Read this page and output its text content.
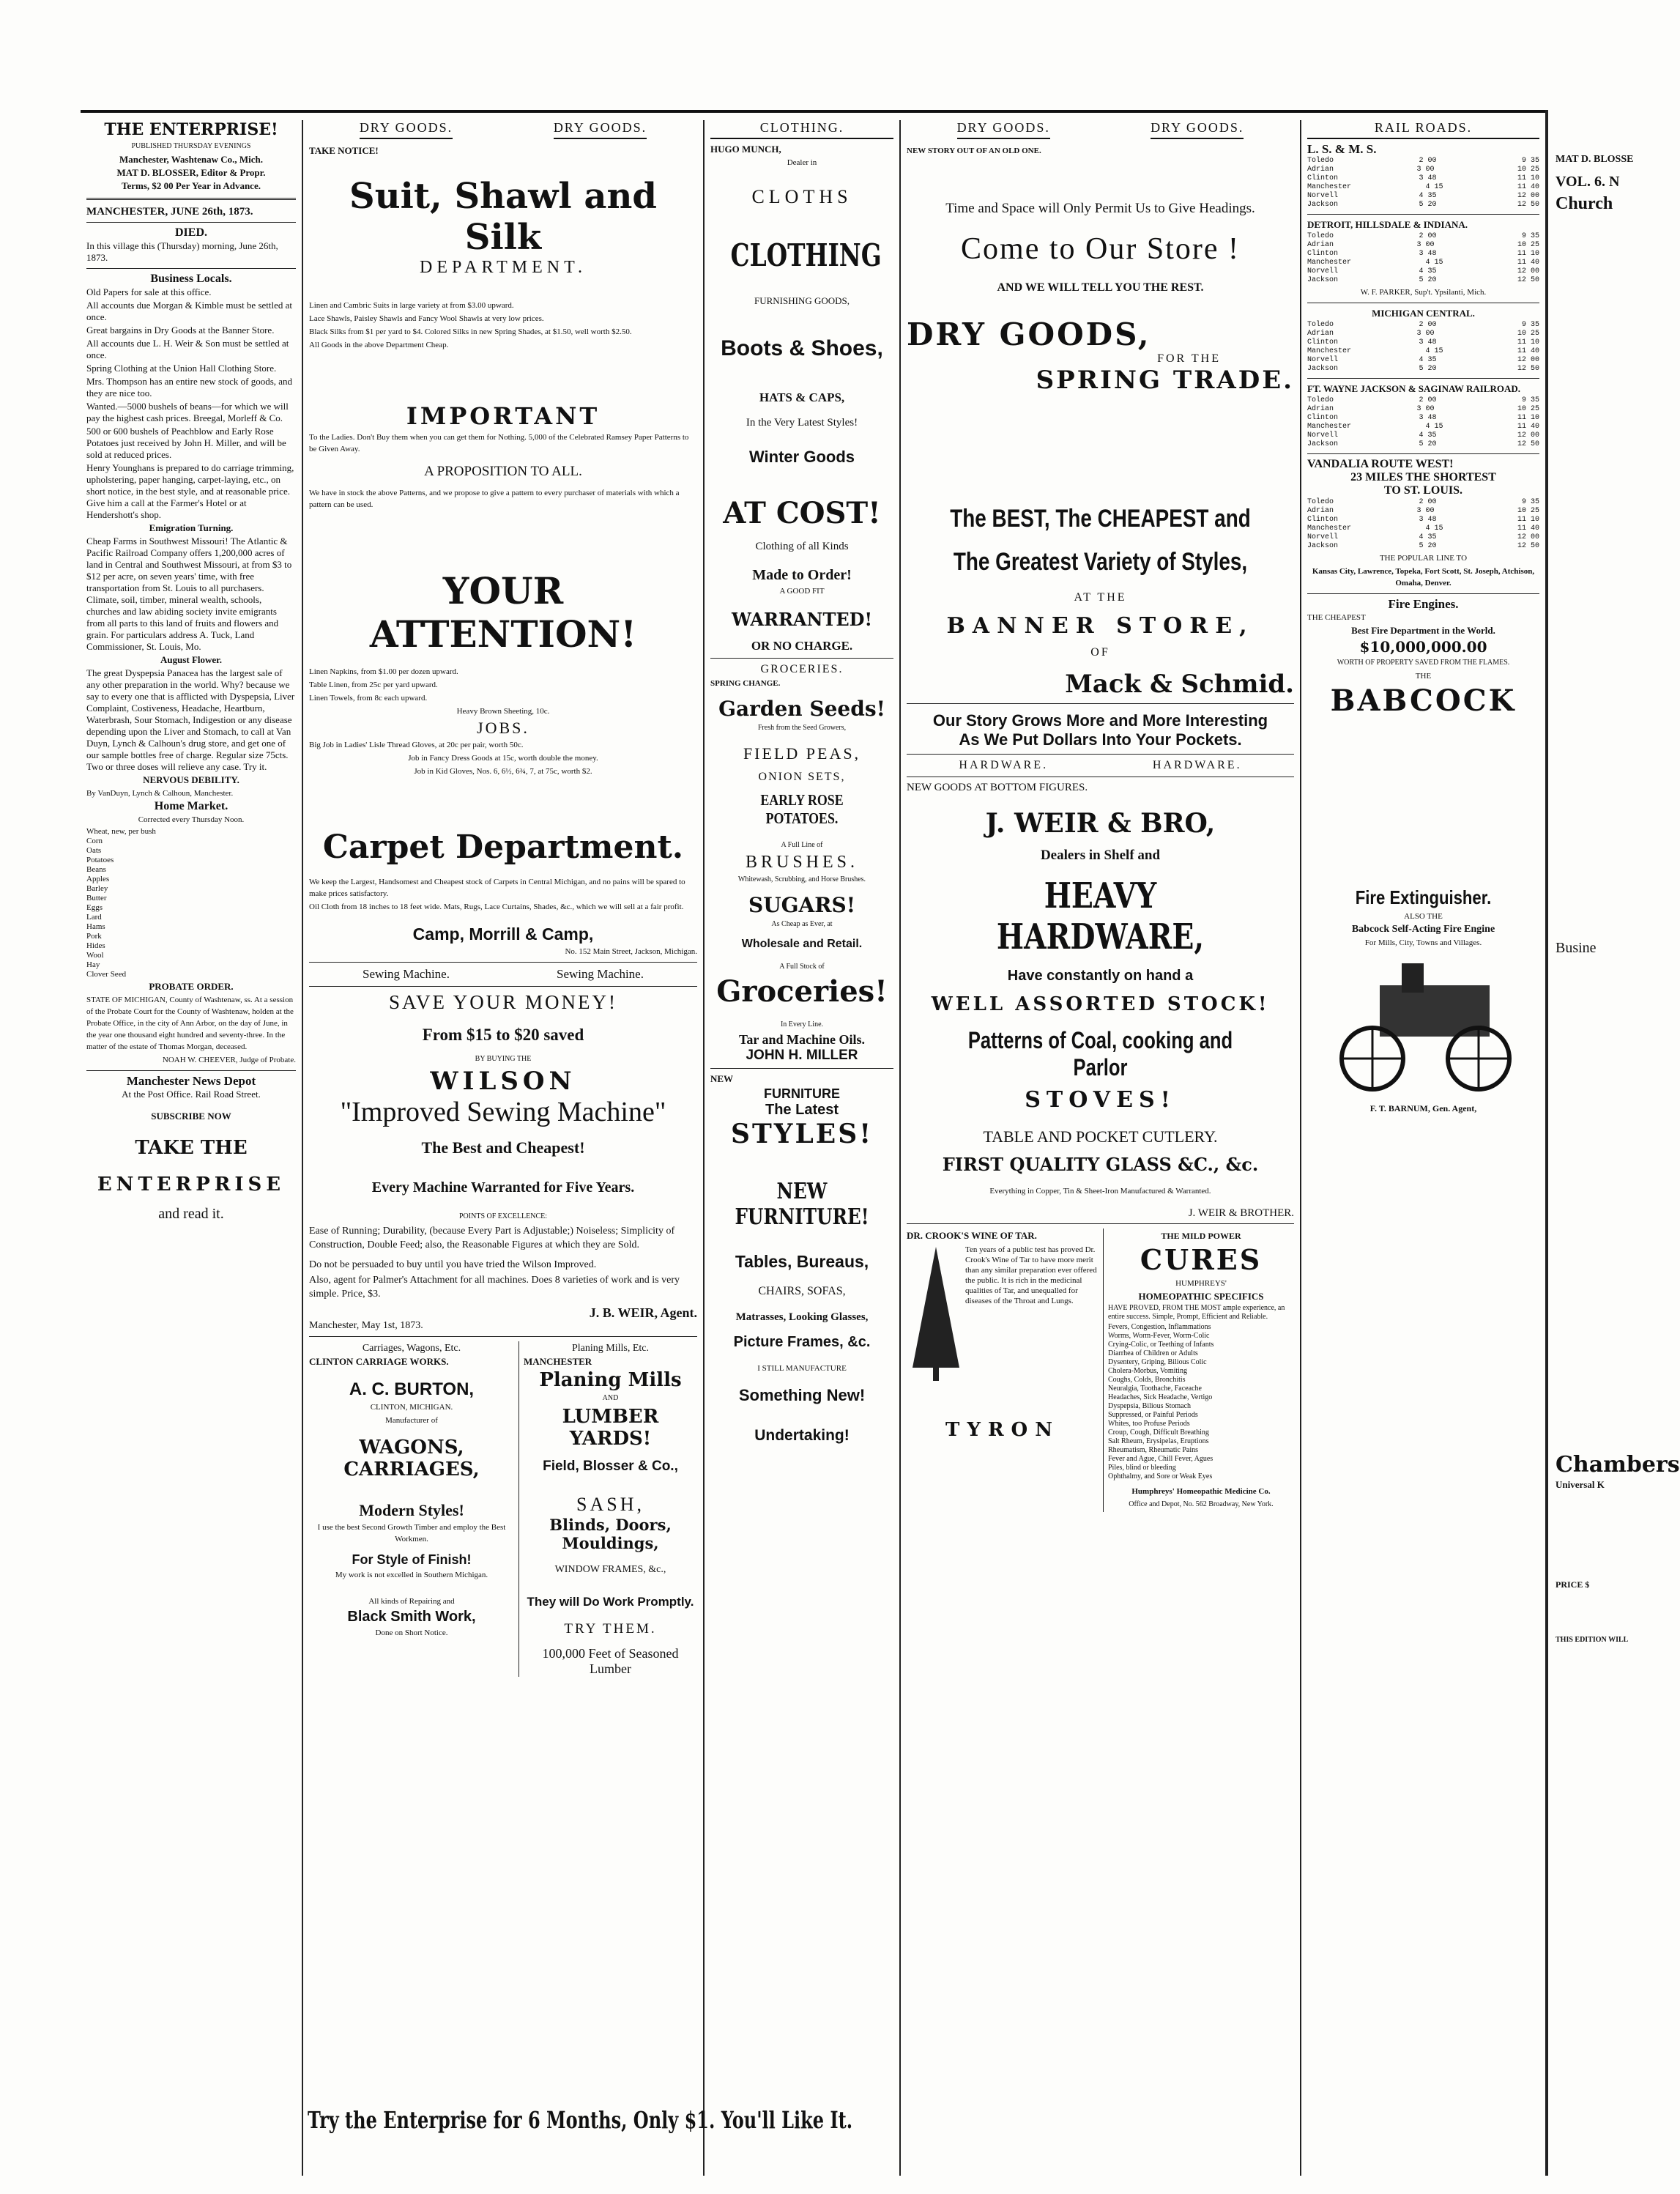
THE ENTERPRISE!
PUBLISHED THURSDAY EVENINGS
Manchester, Washtenaw Co., Mich.
MAT D. BLOSSER, Editor & Propr.
Terms, $2 00 Per Year in Advance.
MANCHESTER, JUNE 26th, 1873.
DIED.
In this village this (Thursday) morning, June 26th, 1873.
Business Locals.
Old Papers for sale at this office.
All accounts due Morgan & Kimble must be settled at once.
Great bargains in Dry Goods at the Banner Store.
All accounts due L. H. Weir & Son must be settled at once.
Spring Clothing at the Union Hall Clothing Store.
Mrs. Thompson has an entire new stock of goods, and they are nice too.
Wanted.—5000 bushels of beans—for which we will pay the highest cash prices. Breegal, Morleff & Co.
500 or 600 bushels of Peachblow and Early Rose Potatoes just received by John H. Miller, and will be sold at reduced prices.
Henry Younghans is prepared to do carriage trimming, upholstering, paper hanging, carpet-laying, etc., on short notice, in the best style, and at reasonable price. Give him a call at the Farmer's Hotel or at Hendershott's shop.
Emigration Turning.
Cheap Farms in Southwest Missouri! The Atlantic & Pacific Railroad Company offers 1,200,000 acres of land in Central and Southwest Missouri, at from $3 to $12 per acre, on seven years' time, with free transportation from St. Louis to all purchasers. Climate, soil, timber, mineral wealth, schools, churches and law abiding society invite emigrants from all parts to this land of fruits and flowers and grain. For particulars address A. Tuck, Land Commissioner, St. Louis, Mo.
August Flower.
The great Dyspepsia Panacea has the largest sale of any other preparation in the world. Why? because we say to every one that is afflicted with Dyspepsia, Liver Complaint, Costiveness, Headache, Heartburn, Waterbrash, Sour Stomach, Indigestion or any disease depending upon the Liver and Stomach, to call at Van Duyn, Lynch & Calhoun's drug store, and get one of our sample bottles free of charge. Regular size 75cts. Two or three doses will relieve any case. Try it.
NERVOUS DEBILITY.
By VanDuyn, Lynch & Calhoun, Manchester.
Home Market.
Corrected every Thursday Noon.
Wheat, new, per bush
Corn
Oats
Potatoes
Beans
Apples
Barley
Butter
Eggs
Lard
Hams
Pork
Hides
Wool
Hay
Clover Seed
PROBATE ORDER.
STATE OF MICHIGAN, County of Washtenaw, ss. At a session of the Probate Court for the County of Washtenaw, holden at the Probate Office, in the city of Ann Arbor, on the day of June, in the year one thousand eight hundred and seventy-three. In the matter of the estate of Thomas Morgan, deceased.
NOAH W. CHEEVER, Judge of Probate.
Manchester News Depot
At the Post Office. Rail Road Street.
SUBSCRIBE NOW
TAKE THE
ENTERPRISE
and read it.
DRY GOODS.	DRY GOODS.
TAKE NOTICE!
Suit, Shawl and Silk
DEPARTMENT.
Linen and Cambric Suits in large variety at from $3.00 upward.
Lace Shawls, Paisley Shawls and Fancy Wool Shawls at very low prices.
Black Silks from $1 per yard to $4. Colored Silks in new Spring Shades, at $1.50, well worth $2.50.
All Goods in the above Department Cheap.
IMPORTANT
To the Ladies. Don't Buy them when you can get them for Nothing. 5,000 of the Celebrated Ramsey Paper Patterns to be Given Away.
A PROPOSITION TO ALL.
We have in stock the above Patterns, and we propose to give a pattern to every purchaser of materials with which a pattern can be used.
YOUR ATTENTION!
Linen Napkins, from $1.00 per dozen upward.
Table Linen, from 25c per yard upward.
Linen Towels, from 8c each upward.
Heavy Brown Sheeting, 10c.
JOBS.
Big Job in Ladies' Lisle Thread Gloves, at 20c per pair, worth 50c.
Job in Fancy Dress Goods at 15c, worth double the money.
Job in Kid Gloves, Nos. 6, 6½, 6¾, 7, at 75c, worth $2.
Carpet Department.
We keep the Largest, Handsomest and Cheapest stock of Carpets in Central Michigan, and no pains will be spared to make prices satisfactory.
Oil Cloth from 18 inches to 18 feet wide. Mats, Rugs, Lace Curtains, Shades, &c., which we will sell at a fair profit.
Camp, Morrill & Camp,
No. 152 Main Street, Jackson, Michigan.
Sewing Machine.	Sewing Machine.
SAVE YOUR MONEY!
From $15 to $20 saved
BY BUYING THE
WILSON
"Improved Sewing Machine"
The Best and Cheapest!
Every Machine Warranted for Five Years.
POINTS OF EXCELLENCE:
Ease of Running; Durability, (because Every Part is Adjustable;) Noiseless; Simplicity of Construction, Double Feed; also, the Reasonable Figures at which they are Sold.
Do not be persuaded to buy until you have tried the Wilson Improved.
Also, agent for Palmer's Attachment for all machines. Does 8 varieties of work and is very simple. Price, $3.
J. B. WEIR, Agent.
Manchester, May 1st, 1873.
Carriages, Wagons, Etc.
CLINTON CARRIAGE WORKS.
A. C. BURTON,
CLINTON, MICHIGAN.
Manufacturer of
WAGONS, CARRIAGES,
Modern Styles!
I use the best Second Growth Timber and employ the Best Workmen.
For Style of Finish!
My work is not excelled in Southern Michigan.
All kinds of Repairing and
Black Smith Work,
Done on Short Notice.
Planing Mills, Etc.
MANCHESTER
Planing Mills
AND
LUMBER YARDS!
Field, Blosser & Co.,
SASH,
Blinds, Doors, Mouldings,
WINDOW FRAMES, &c.,
They will Do Work Promptly.
TRY THEM.
100,000 Feet of Seasoned Lumber
CLOTHING.
HUGO MUNCH,
Dealer in
CLOTHS
CLOTHING
FURNISHING GOODS,
Boots & Shoes,
HATS & CAPS,
In the Very Latest Styles!
Winter Goods
AT COST!
Clothing of all Kinds
Made to Order!
A GOOD FIT
WARRANTED!
OR NO CHARGE.
GROCERIES.
SPRING CHANGE.
Garden Seeds!
Fresh from the Seed Growers,
FIELD PEAS,
ONION SETS,
EARLY ROSE POTATOES.
A Full Line of
BRUSHES.
Whitewash, Scrubbing, and Horse Brushes.
SUGARS!
As Cheap as Ever, at
Wholesale and Retail.
A Full Stock of
Groceries!
In Every Line.
Tar and Machine Oils.
JOHN H. MILLER
NEW
FURNITURE
The Latest
STYLES!
NEW FURNITURE!
Tables, Bureaus,
CHAIRS, SOFAS,
Matrasses, Looking Glasses,
Picture Frames, &c.
I STILL MANUFACTURE
Something New!
Undertaking!
DRY GOODS.	DRY GOODS.
NEW STORY OUT OF AN OLD ONE.
Time and Space will Only Permit Us to Give Headings.
Come to Our Store !
AND WE WILL TELL YOU THE REST.
DRY GOODS,
FOR THE
SPRING TRADE.
The BEST, The CHEAPEST and
The Greatest Variety of Styles,
AT THE
BANNER STORE,
OF
Mack & Schmid.
Our Story Grows More and More Interesting
As We Put Dollars Into Your Pockets.
HARDWARE.	HARDWARE.
NEW GOODS AT BOTTOM FIGURES.
J. WEIR & BRO,
Dealers in Shelf and
HEAVY HARDWARE,
Have constantly on hand a
WELL ASSORTED STOCK!
Patterns of Coal, cooking and Parlor
STOVES!
TABLE AND POCKET CUTLERY.
FIRST QUALITY GLASS &C., &c.
Everything in Copper, Tin & Sheet-Iron Manufactured & Warranted.
J. WEIR & BROTHER.
DR. CROOK'S WINE OF TAR.
Ten years of a public test has proved Dr. Crook's Wine of Tar to have more merit than any similar preparation ever offered the public. It is rich in the medicinal qualities of Tar, and unequalled for diseases of the Throat and Lungs.
TYRON
THE MILD POWER
CURES
HUMPHREYS'
HOMEOPATHIC SPECIFICS
HAVE PROVED, FROM THE MOST ample experience, an entire success. Simple, Prompt, Efficient and Reliable.
Fevers, Congestion, Inflammations
Worms, Worm-Fever, Worm-Colic
Crying-Colic, or Teething of Infants
Diarrhea of Children or Adults
Dysentery, Griping, Bilious Colic
Cholera-Morbus, Vomiting
Coughs, Colds, Bronchitis
Neuralgia, Toothache, Faceache
Headaches, Sick Headache, Vertigo
Dyspepsia, Bilious Stomach
Suppressed, or Painful Periods
Whites, too Profuse Periods
Croup, Cough, Difficult Breathing
Salt Rheum, Erysipelas, Eruptions
Rheumatism, Rheumatic Pains
Fever and Ague, Chill Fever, Agues
Piles, blind or bleeding
Ophthalmy, and Sore or Weak Eyes
Humphreys' Homeopathic Medicine Co.
Office and Depot, No. 562 Broadway, New York.
RAIL ROADS.
L. S. & M. S.
Toledo	2 00	9 35
Adrian	3 00	10 25
Clinton	3 48	11 10
Manchester	4 15	11 40
Norvell	4 35	12 00
Jackson	5 20	12 50
DETROIT, HILLSDALE & INDIANA.
Toledo	2 00	9 35
Adrian	3 00	10 25
Clinton	3 48	11 10
Manchester	4 15	11 40
Norvell	4 35	12 00
Jackson	5 20	12 50
W. F. PARKER, Sup't. Ypsilanti, Mich.
MICHIGAN CENTRAL.
Toledo	2 00	9 35
Adrian	3 00	10 25
Clinton	3 48	11 10
Manchester	4 15	11 40
Norvell	4 35	12 00
Jackson	5 20	12 50
FT. WAYNE JACKSON & SAGINAW RAILROAD.
Toledo	2 00	9 35
Adrian	3 00	10 25
Clinton	3 48	11 10
Manchester	4 15	11 40
Norvell	4 35	12 00
Jackson	5 20	12 50
VANDALIA ROUTE WEST!
23 MILES THE SHORTEST
TO ST. LOUIS.
Toledo	2 00	9 35
Adrian	3 00	10 25
Clinton	3 48	11 10
Manchester	4 15	11 40
Norvell	4 35	12 00
Jackson	5 20	12 50
THE POPULAR LINE TO
Kansas City, Lawrence, Topeka, Fort Scott, St. Joseph, Atchison, Omaha, Denver.
Fire Engines.
THE CHEAPEST
Best Fire Department in the World.
$10,000,000.00
WORTH OF PROPERTY SAVED FROM THE FLAMES.
THE
BABCOCK
Fire Extinguisher.
ALSO THE
Babcock Self-Acting Fire Engine
For Mills, City, Towns and Villages.
F. T. BARNUM, Gen. Agent,
Try the Enterprise for 6 Months, Only $1. You'll Like It.
MAT D. BLOSSE
VOL. 6. N
Church
Busine
Chambers
Universal K
PRICE $
THIS EDITION WILL
